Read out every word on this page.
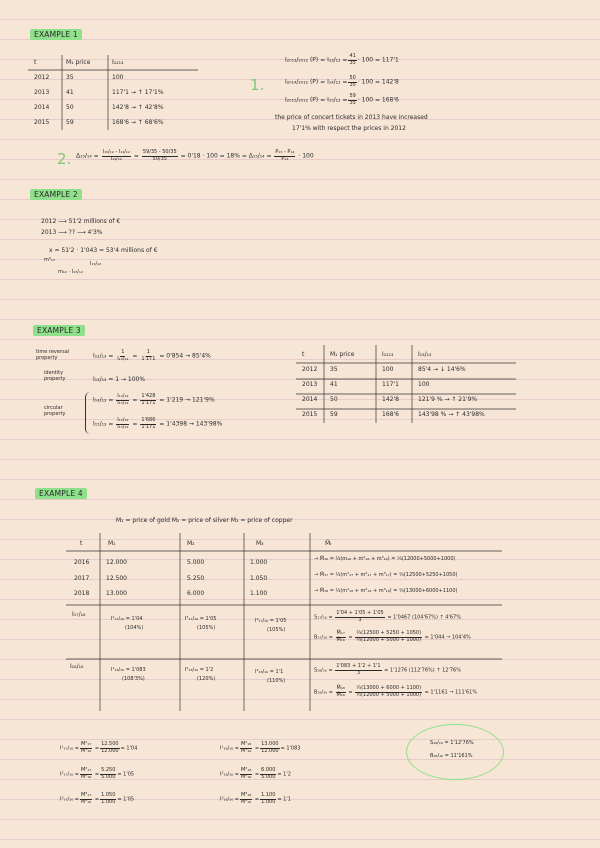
EXAMPLE 1
t	M₁ price	I₁₂₁₃
2012	35	100
2013	41	117'1 → ↑ 17'1%
2014	50	142'8 → ↑ 42'8%
2015	59	168'6 → ↑ 68'6%
1.
I₂₀₁₃/₂₀₁₂ $(P) = I_{13}/_{12} = \frac{41}{35} \cdot 100 = 117'1$
I₂₀₁₄/₂₀₁₂ $(P) = I_{14}/_{12} = \frac{50}{35} \cdot 100 = 142'8$
I₂₀₁₅/₂₀₁₂ $(P) = I_{15}/_{12} = \frac{59}{35} \cdot 100 = 168'6$
the price of concert tickets in 2013 have increased
17'1% with respect the prices in 2012
2. $\Delta_{15}/_{14} = \frac{\text{I₁₅/₁₂ - I₁₄/₁₂}}{\text{I₁₄/₁₂}} = \frac{59/35 - 50/35}{50/35} = 0'18 \cdot 100 = 18\% = \Delta_{15}/_{14} = \frac{\text{P₁₅ - P₁₄}}{\text{P₁₄}} \cdot 100$
EXAMPLE 2
2012 ⟶ 51'2 millions of €
2013 ⟶ ?? ⟶ 4'3%
x = 51'2 · 1'043 = 53'4 millions of €
m⁰₁₃
m₁₂ · I₁₃/₁₂
I₁₃/₁₂
EXAMPLE 3
time reversal property
identity property
circular property
$I_{12}/_{13} = \frac{1}{\text{I₁₃/₁₂}} = \frac{1}{1'171} = 0'854 \to 85'4\%$
I₁₃/₁₃ = 1 → 100%
$I_{14}/_{13} = \frac{\text{I₁₄/₁₂}}{\text{I₁₃/₁₂}} = \frac{1'428}{1'171} = 1'219 \to 121'9\%$
$I_{15}/_{13} = \frac{\text{I₁₅/₁₂}}{\text{I₁₃/₁₂}} = \frac{1'686}{1'171} = 1'4398 \to 143'98\%$
t	M₁ price	I₁₂₁₃	I₁₃/₁₃
2012	35	100	85'4 → ↓ 14'6%
2013	41	117'1	100
2014	50	142'8	121'9 % → ↑ 21'9%
2015	59	168'6	143'98 % → ↑ 43'98%
EXAMPLE 4
M₁ = price of gold M₂ = price of silver M₃ = price of copper
t	M₁	M₂	M₃	M̄ₜ
2016	12.000	5.000	1.000	→ M̄₁₆ = ⅓(m₁₆ + m²₁₆ + m³₁₆) = ⅓(12000+5000+1000)
2017	12.500	5.250	1.050	→ M̄₁₇ = ⅓(m¹₁₇ + m²₁₇ + m³₁₇) = ⅓(12500+5250+1050)
2018	13.000	6.000	1.100	→ M̄₁₈ = ⅓(m¹₁₈ + m²₁₈ + m³₁₈) = ⅓(13000+6000+1100)
I₁₇/₁₆
I¹₁₇/₁₆ = 1'04
(104%)
I²₁₇/₁₆ = 1'05
(105%)
I³₁₇/₁₆ = 1'05
(105%)
$S_{17}/_{16} = \frac{1'04 + 1'05 + 1'05}{3} = 1'0467$ (104'67%) ↑ 4'67%
$B_{17}/_{16} = \frac{\text{M̄₁₇}}{\text{M̄₁₆}} = \frac{\text{⅓(12500 + 5250 + 1050)}}{\text{⅓(12000 + 5000 + 1000)}} = 1'044 \to 104'4\%$
I₁₈/₁₆	I¹₁₈/₁₆ = 1'083
(108'3%)
I²₁₈/₁₆ = 1'2
(120%)
I³₁₈/₁₆ = 1'1
(110%)
$S_{18}/_{16} = \frac{1'083 + 1'2 + 1'1}{3} = 1'1276$ (112'76%) ↑ 12'76%
$B_{18}/_{16} = \frac{\text{M̄₁₈}}{\text{M̄₁₆}} = \frac{\text{⅓(13000 + 6000 + 1100)}}{\text{⅓(12000 + 5000 + 1000)}} = 1'1161 \to 111'61\%$
$I^1_{17}/_{16} = \frac{\text{M¹₁₇}}{\text{M¹₁₆}} = \frac{12.500}{12.000} = 1'04$
$I^2_{17}/_{16} = \frac{\text{M²₁₇}}{\text{M²₁₆}} = \frac{5.250}{5.000} = 1'05$
$I^3_{17}/_{16} = \frac{\text{M³₁₇}}{\text{M³₁₆}} = \frac{1.050}{1.000} = 1'05$
$I^1_{18}/_{16} = \frac{\text{M¹₁₈}}{\text{M¹₁₆}} = \frac{13.000}{12.000} = 1'083$
$I^2_{18}/_{16} = \frac{\text{M²₁₈}}{\text{M²₁₆}} = \frac{6.000}{5.000} = 1'2$
$I^3_{18}/_{16} = \frac{\text{M³₁₈}}{\text{M³₁₆}} = \frac{1.100}{1.000} = 1'1$
S₁₈/₁₆ = 1'12'76%
B₁₈/₁₆ = 11'161%
